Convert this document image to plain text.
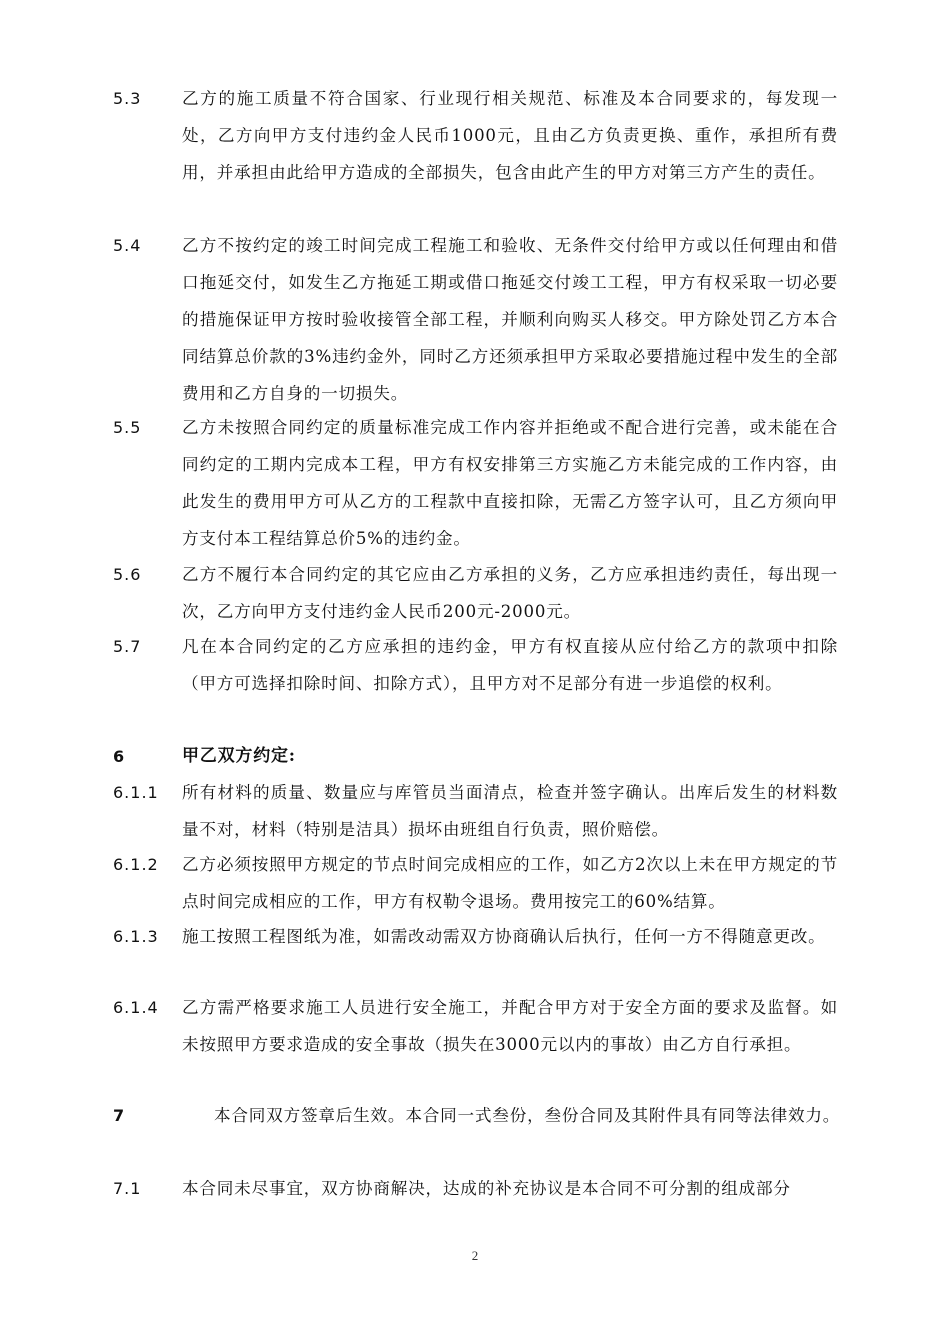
5.3 乙方的施工质量不符合国家、行业现行相关规范、标准及本合同要求的，每发现一处，乙方向甲方支付违约金人民币1000元，且由乙方负责更换、重作，承担所有费用，并承担由此给甲方造成的全部损失，包含由此产生的甲方对第三方产生的责任。
5.4 乙方不按约定的竣工时间完成工程施工和验收、无条件交付给甲方或以任何理由和借口拖延交付，如发生乙方拖延工期或借口拖延交付竣工工程，甲方有权采取一切必要的措施保证甲方按时验收接管全部工程，并顺利向购买人移交。甲方除处罚乙方本合同结算总价款的3%违约金外，同时乙方还须承担甲方采取必要措施过程中发生的全部费用和乙方自身的一切损失。
5.5 乙方未按照合同约定的质量标准完成工作内容并拒绝或不配合进行完善，或未能在合同约定的工期内完成本工程，甲方有权安排第三方实施乙方未能完成的工作内容，由此发生的费用甲方可从乙方的工程款中直接扣除，无需乙方签字认可，且乙方须向甲方支付本工程结算总价5%的违约金。
5.6 乙方不履行本合同约定的其它应由乙方承担的义务，乙方应承担违约责任，每出现一次，乙方向甲方支付违约金人民币200元-2000元。
5.7 凡在本合同约定的乙方应承担的违约金，甲方有权直接从应付给乙方的款项中扣除（甲方可选择扣除时间、扣除方式），且甲方对不足部分有进一步追偿的权利。
6	甲乙双方约定:
6.1.1 所有材料的质量、数量应与库管员当面清点，检查并签字确认。出库后发生的材料数量不对，材料（特别是洁具）损坏由班组自行负责，照价赔偿。
6.1.2 乙方必须按照甲方规定的节点时间完成相应的工作，如乙方2次以上未在甲方规定的节点时间完成相应的工作，甲方有权勒令退场。费用按完工的60%结算。
6.1.3 施工按照工程图纸为准，如需改动需双方协商确认后执行，任何一方不得随意更改。
6.1.4 乙方需严格要求施工人员进行安全施工，并配合甲方对于安全方面的要求及监督。如未按照甲方要求造成的安全事故（损失在3000元以内的事故）由乙方自行承担。
7	本合同双方签章后生效。本合同一式叁份，叁份合同及其附件具有同等法律效力。
7.1 本合同未尽事宜，双方协商解决，达成的补充协议是本合同不可分割的组成部分
2
